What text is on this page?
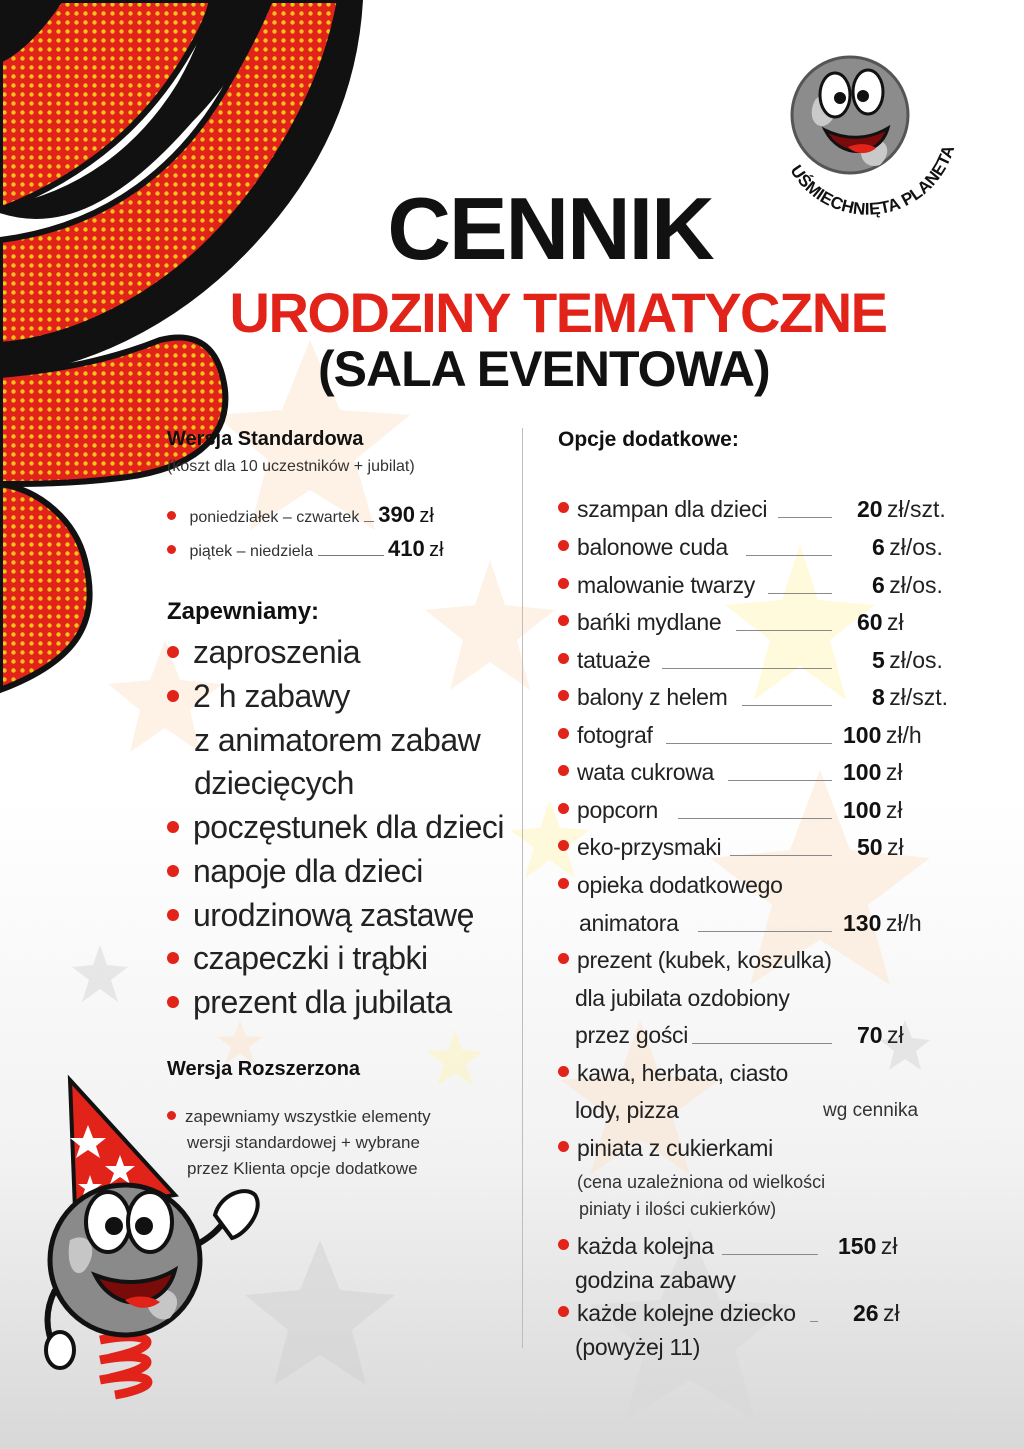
UŚMIECHNIĘTA PLANETA
CENNIK
URODZINY TEMATYCZNE
(SALA EVENTOWA)
Wersja Standardowa
(koszt dla 10 uczestników + jubilat)
poniedziałek – czwartek 390 zł
piątek – niedziela	410 zł
Zapewniamy:
zaproszenia
2 h zabawy
z animatorem zabaw
dziecięcych
poczęstunek dla dzieci
napoje dla dzieci
urodzinową zastawę
czapeczki i trąbki
prezent dla jubilata
Wersja Rozszerzona
zapewniamy wszystkie elementy
wersji standardowej + wybrane
przez Klienta opcje dodatkowe
Opcje dodatkowe:
szampan dla dzieci	20 zł/szt.
balonowe cuda	6 zł/os.
malowanie twarzy	6 zł/os.
bańki mydlane	60 zł
tatuaże	5 zł/os.
balony z helem	8 zł/szt.
fotograf	100 zł/h
wata cukrowa	100 zł
popcorn	100 zł
eko-przysmaki	50 zł
opieka dodatkowego
animatora	130 zł/h
prezent (kubek, koszulka)
dla jubilata ozdobiony
przez gości	70 zł
kawa, herbata, ciasto
lody, pizza	wg cennika
piniata z cukierkami
(cena uzależniona od wielkości
piniaty i ilości cukierków)
każda kolejna	150 zł
godzina zabawy
każde kolejne dziecko 26 zł
(powyżej 11)
